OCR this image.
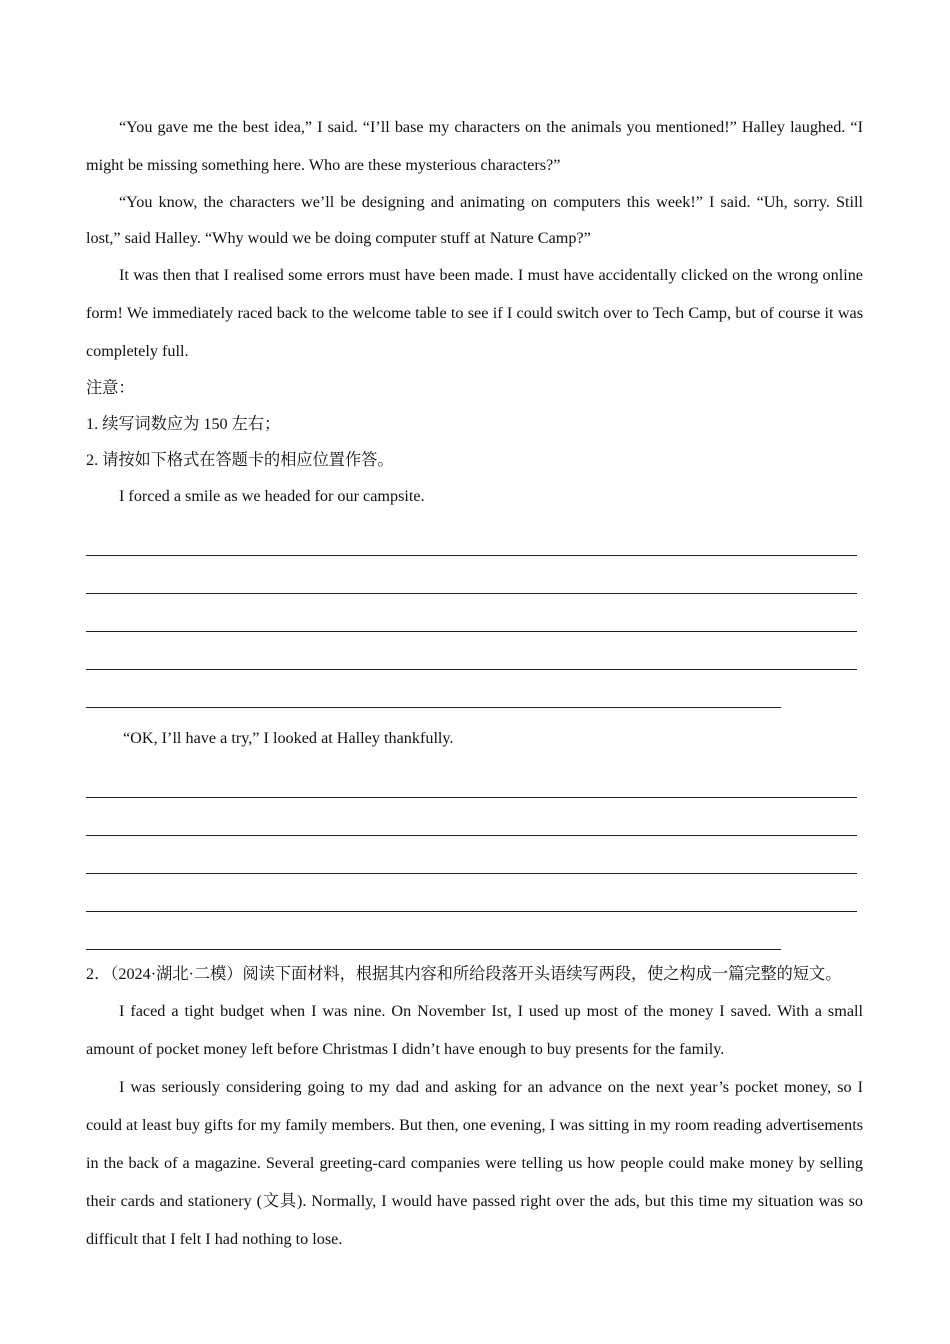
“You gave me the best idea,” I said. “I’ll base my characters on the animals you mentioned!” Halley laughed. “I might be missing something here. Who are these mysterious characters?”

“You know, the characters we’ll be designing and animating on computers this week!” I said. “Uh, sorry. Still lost,” said Halley. “Why would we be doing computer stuff at Nature Camp?”

It was then that I realised some errors must have been made. I must have accidentally clicked on the wrong online form! We immediately raced back to the welcome table to see if I could switch over to Tech Camp, but of course it was completely full.

注意：

1. 续写词数应为 150 左右；

2. 请按如下格式在答题卡的相应位置作答。

I forced a smile as we headed for our campsite.

“OK, I’ll have a try,” I looked at Halley thankfully.

2．（2024·湖北·二模）阅读下面材料，根据其内容和所给段落开头语续写两段，使之构成一篇完整的短文。

I faced a tight budget when I was nine. On November Ist, I used up most of the money I saved. With a small amount of pocket money left before Christmas I didn’t have enough to buy presents for the family.

I was seriously considering going to my dad and asking for an advance on the next year’s pocket money, so I could at least buy gifts for my family members. But then, one evening, I was sitting in my room reading advertisements in the back of a magazine. Several greeting-card companies were telling us how people could make money by selling their cards and stationery (文具). Normally, I would have passed right over the ads, but this time my situation was so difficult that I felt I had nothing to lose.
